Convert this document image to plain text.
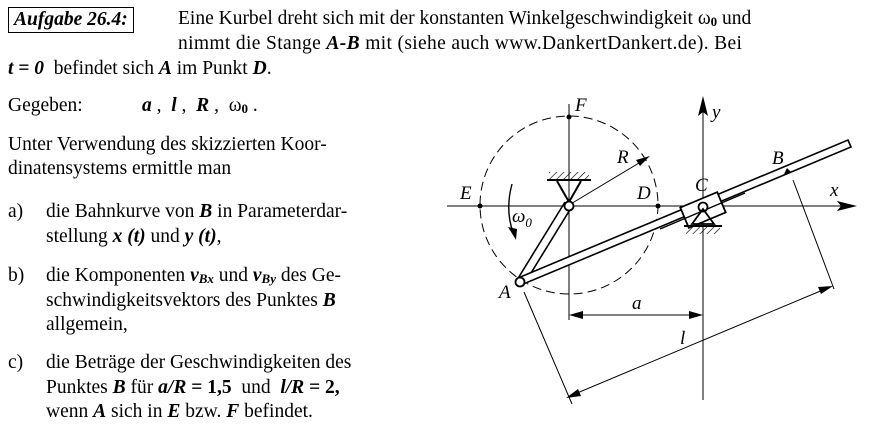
Aufgabe 26.4:	Eine Kurbel dreht sich mit der konstanten Winkelgeschwindigkeit $\omega_0$ und
nimmt die Stange A-B mit (siehe auch www.DankertDankert.de). Bei
t = 0  befindet sich A im Punkt D.
Gegeben:	a , l , R , $\omega_0$ .
Unter Verwendung des skizzierten Koor-
dinatensystems ermittle man
a) die Bahnkurve von B in Parameterdar-
stellung x (t) und y (t),
b) die Komponenten $v_{Bx}$ und $v_{By}$ des Ge-
schwindigkeitsvektors des Punktes B
allgemein,
c) die Beträge der Geschwindigkeiten des
Punktes B für a/R = 1,5  und  l/R = 2,
wenn A sich in E bzw. F befindet.
F	y
R	B
E	D C	x
$\omega_0$
A
a
l
